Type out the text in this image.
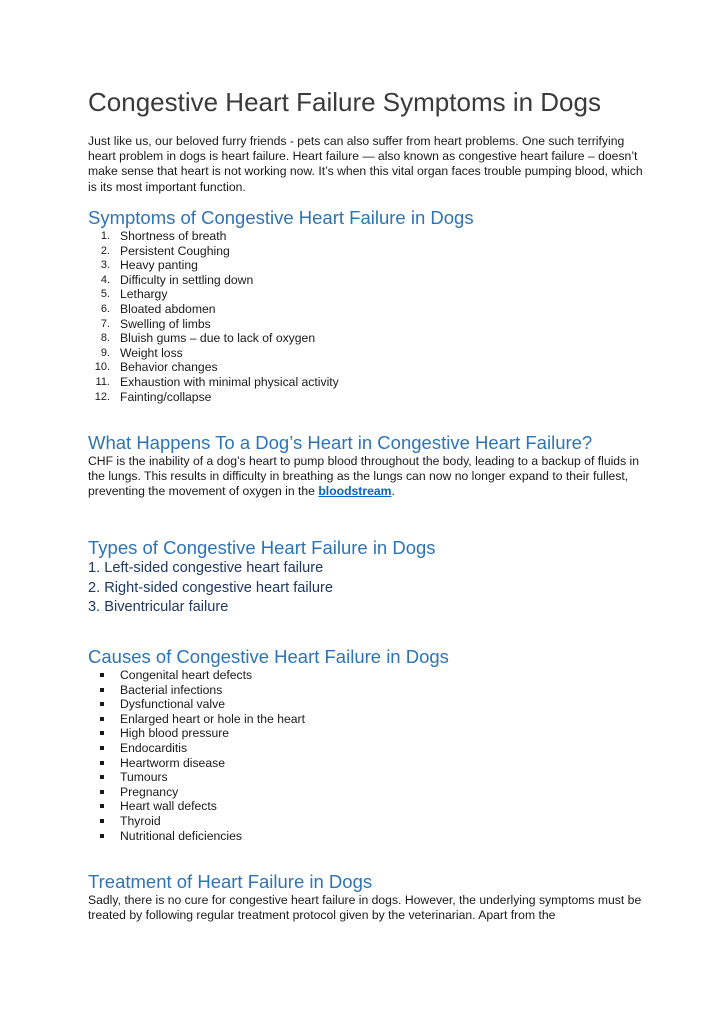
Congestive Heart Failure Symptoms in Dogs

Just like us, our beloved furry friends - pets can also suffer from heart problems. One such terrifying heart problem in dogs is heart failure. Heart failure — also known as congestive heart failure – doesn’t make sense that heart is not working now. It’s when this vital organ faces trouble pumping blood, which is its most important function.

Symptoms of Congestive Heart Failure in Dogs
1. Shortness of breath
2. Persistent Coughing
3. Heavy panting
4. Difficulty in settling down
5. Lethargy
6. Bloated abdomen
7. Swelling of limbs
8. Bluish gums – due to lack of oxygen
9. Weight loss
10. Behavior changes
11. Exhaustion with minimal physical activity
12. Fainting/collapse
What Happens To a Dog’s Heart in Congestive Heart Failure?

CHF is the inability of a dog’s heart to pump blood throughout the body, leading to a backup of fluids in the lungs. This results in difficulty in breathing as the lungs can now no longer expand to their fullest, preventing the movement of oxygen in the bloodstream.

Types of Congestive Heart Failure in Dogs
1. Left-sided congestive heart failure
2. Right-sided congestive heart failure
3. Biventricular failure
Causes of Congestive Heart Failure in Dogs
Congenital heart defects
Bacterial infections
Dysfunctional valve
Enlarged heart or hole in the heart
High blood pressure
Endocarditis
Heartworm disease
Tumours
Pregnancy
Heart wall defects
Thyroid
Nutritional deficiencies
Treatment of Heart Failure in Dogs

Sadly, there is no cure for congestive heart failure in dogs. However, the underlying symptoms must be treated by following regular treatment protocol given by the veterinarian. Apart from the
